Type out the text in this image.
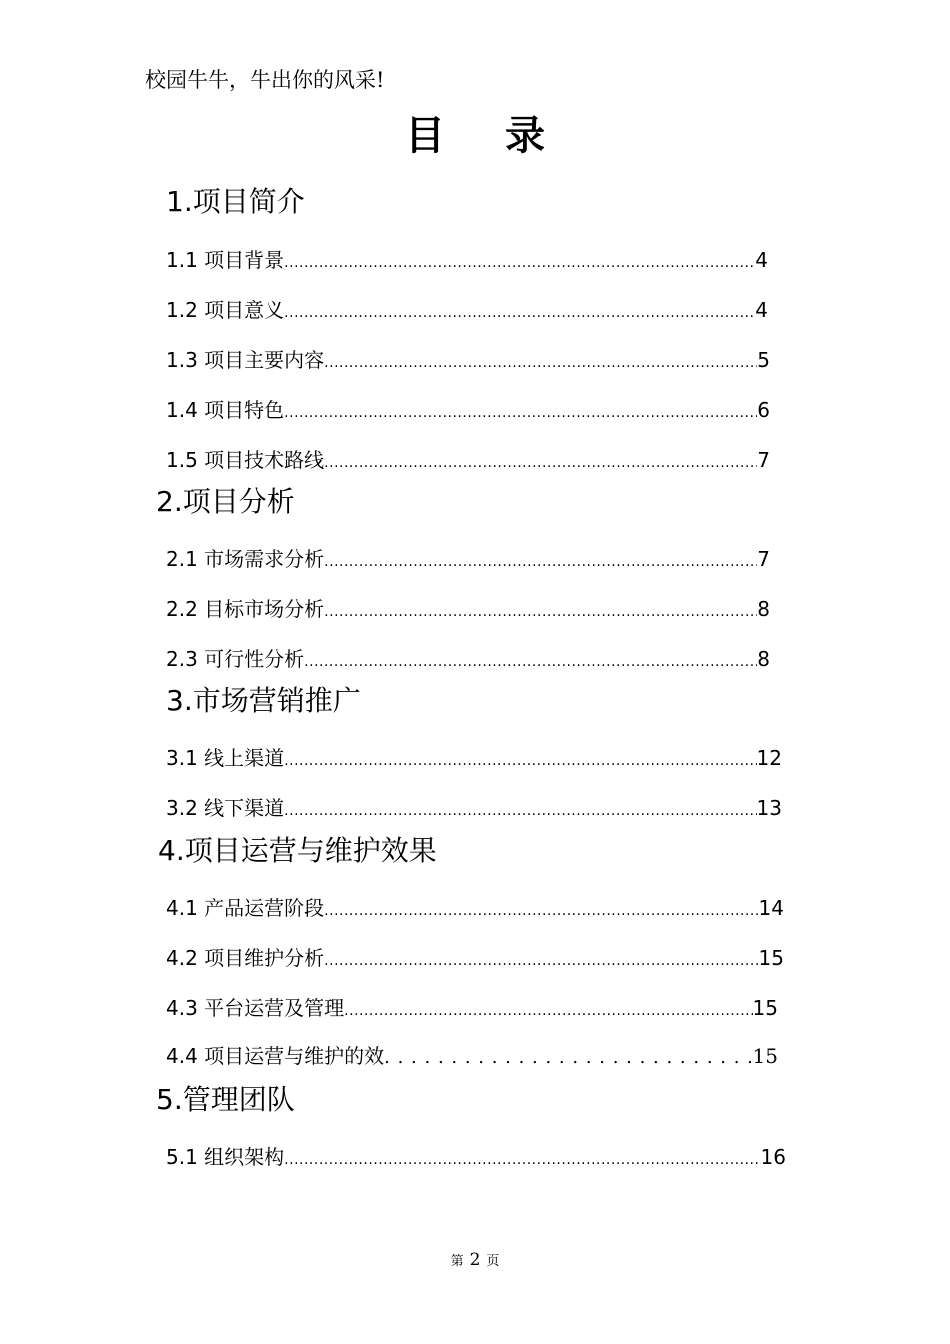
校园牛牛，牛出你的风采!
目 录
1.项目简介
1.1 项目背景 .....	4
1.2 项目意义 .....	4
1.3 项目主要内容 .....	5
1.4 项目特色 .....	6
1.5 项目技术路线 .....	7
2.项目分析
2.1 市场需求分析 .....	7
2.2 目标市场分析 .....	8
2.3 可行性分析 .....	8
3.市场营销推广
3.1 线上渠道 .....	12
3.2 线下渠道 .....	13
4.项目运营与维护效果
4.1 产品运营阶段 .....	14
4.2 项目维护分析 .....	15
4.3 平台运营及管理 .....	15
4.4 项目运营与维护的效 . . .	15
5.管理团队
5.1 组织架构 .....	16
第 2 页
